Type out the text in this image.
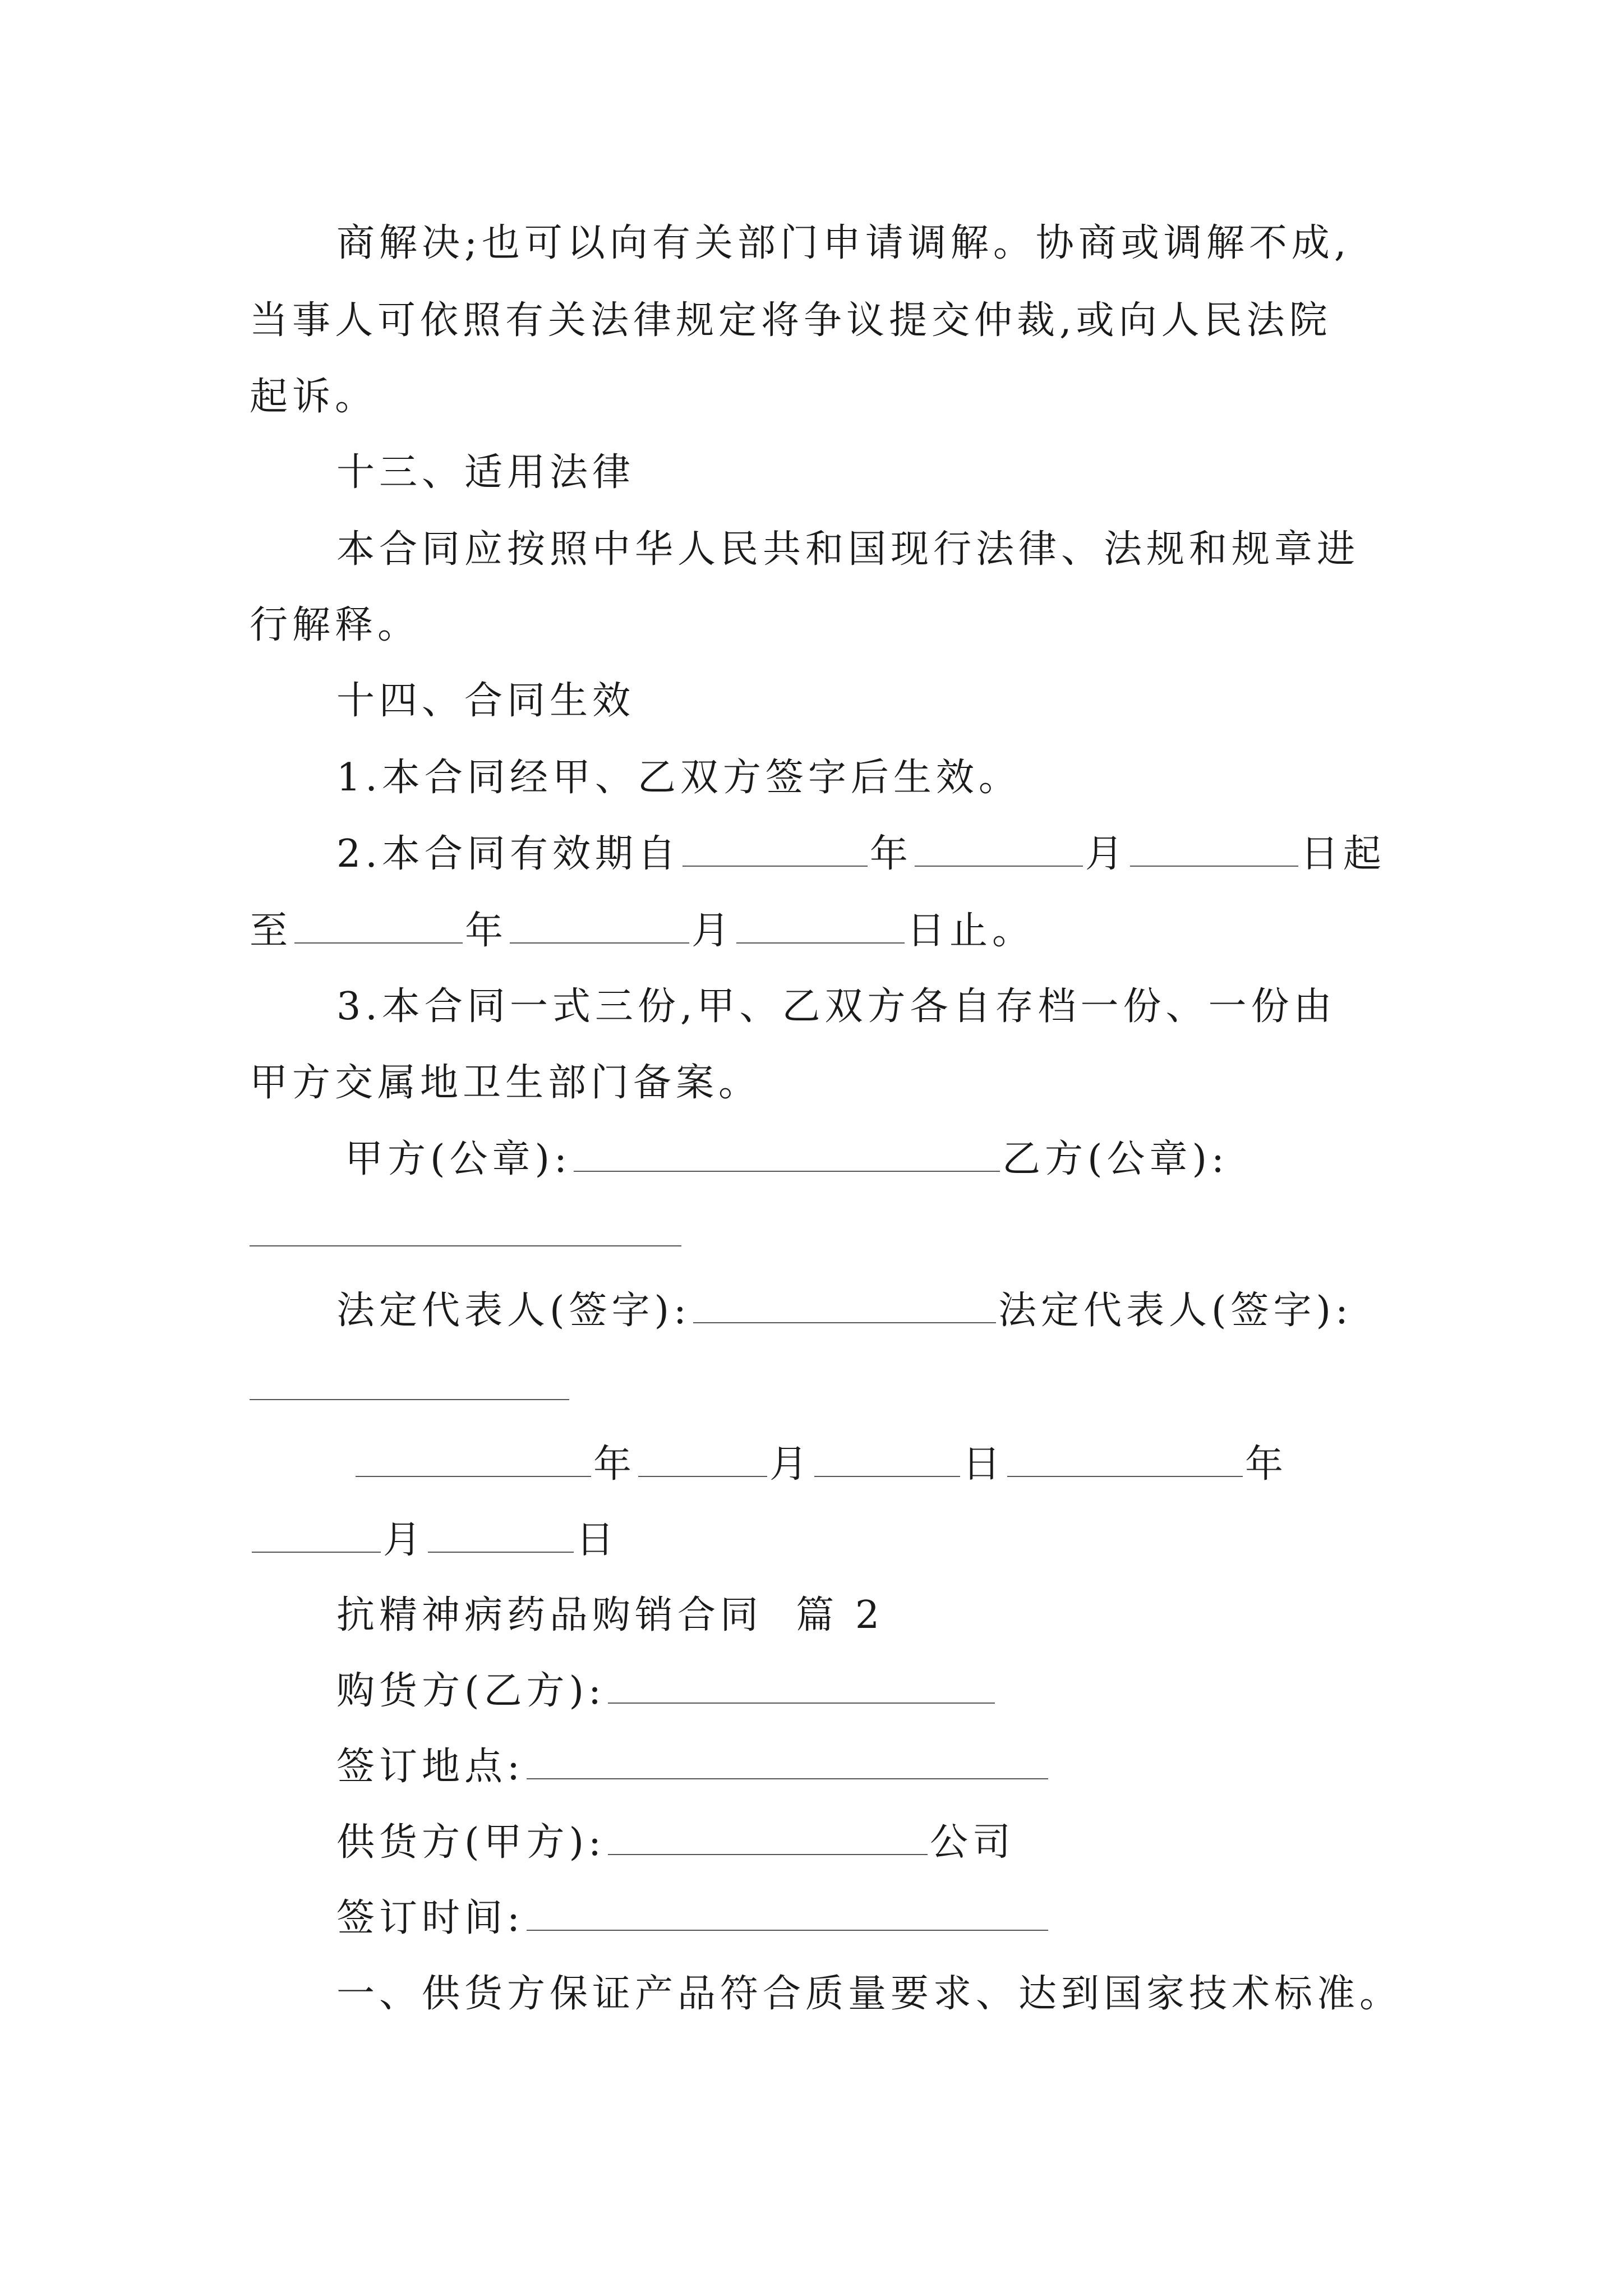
商解决;也可以向有关部门申请调解。协商或调解不成,
当事人可依照有关法律规定将争议提交仲裁,或向人民法院
起诉。
十三、适用法律
本合同应按照中华人民共和国现行法律、法规和规章进
行解释。
十四、合同生效
1.本合同经甲、乙双方签字后生效。
2.本合同有效期自	年	月	日起
至	年	月	日止。
3.本合同一式三份,甲、乙双方各自存档一份、一份由
甲方交属地卫生部门备案。
甲方(公章):	乙方(公章):
法定代表人(签字):	法定代表人(签字):
年	月	日	年
月	日
抗精神病药品购销合同  篇 2
购货方(乙方):
签订地点:
供货方(甲方):	公司
签订时间:
一、供货方保证产品符合质量要求、达到国家技术标准。
